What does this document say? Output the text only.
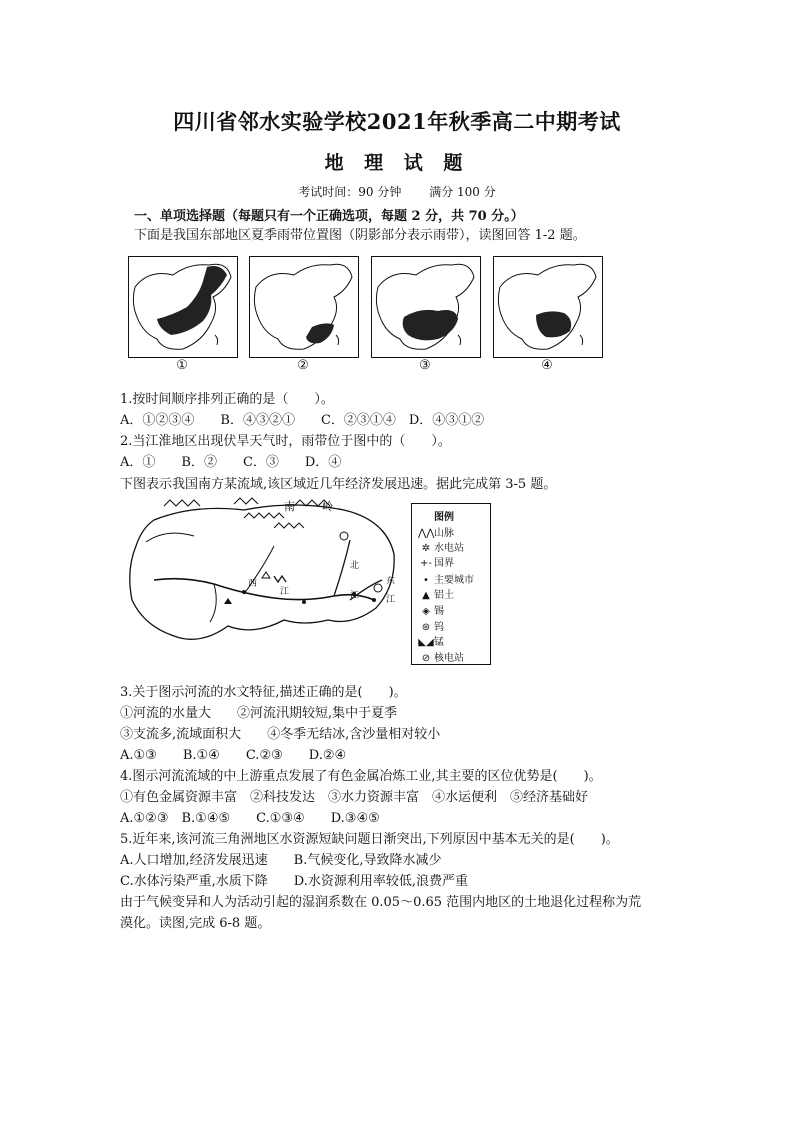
四川省邻水实验学校2021年秋季高二中期考试
地 理 试 题
考试时间：90 分钟 满分 100 分
一、单项选择题（每题只有一个正确选项，每题 2 分，共 70 分。）
下面是我国东部地区夏季雨带位置图（阴影部分表示雨带），读图回答 1-2 题。
①	②	③	④
1.按时间顺序排列正确的是（　　）。
A．①②③④　　B．④③②①　　C．②③①④　D．④③①②
2.当江淮地区出现伏旱天气时，雨带位于图中的（　　）。
A．①　　B．②　　C．③　　D．④
下图表示我国南方某流域,该区域近几年经济发展迅速。据此完成第 3-5 题。
南 岭
西
江
北
江
东
江
图例
⋀⋀山脉
✲ 水电站
+- 国界
• 主要城市
▲ 铝土
◈ 锡
⊛ 钨
◣◢锰
⊘ 核电站
3.关于图示河流的水文特征,描述正确的是(　　)。
①河流的水量大　　②河流汛期较短,集中于夏季
③支流多,流域面积大　　④冬季无结冰,含沙量相对较小
A.①③　　B.①④　　C.②③　　D.②④
4.图示河流流域的中上游重点发展了有色金属冶炼工业,其主要的区位优势是(　　)。
①有色金属资源丰富　②科技发达　③水力资源丰富　④水运便利　⑤经济基础好
A.①②③　B.①④⑤　　C.①③④　　D.③④⑤
5.近年来,该河流三角洲地区水资源短缺问题日渐突出,下列原因中基本无关的是(　　)。
A.人口增加,经济发展迅速　　B.气候变化,导致降水减少
C.水体污染严重,水质下降　　D.水资源利用率较低,浪费严重
由于气候变异和人为活动引起的湿润系数在 0.05～0.65 范围内地区的土地退化过程称为荒
漠化。读图,完成 6-8 题。
